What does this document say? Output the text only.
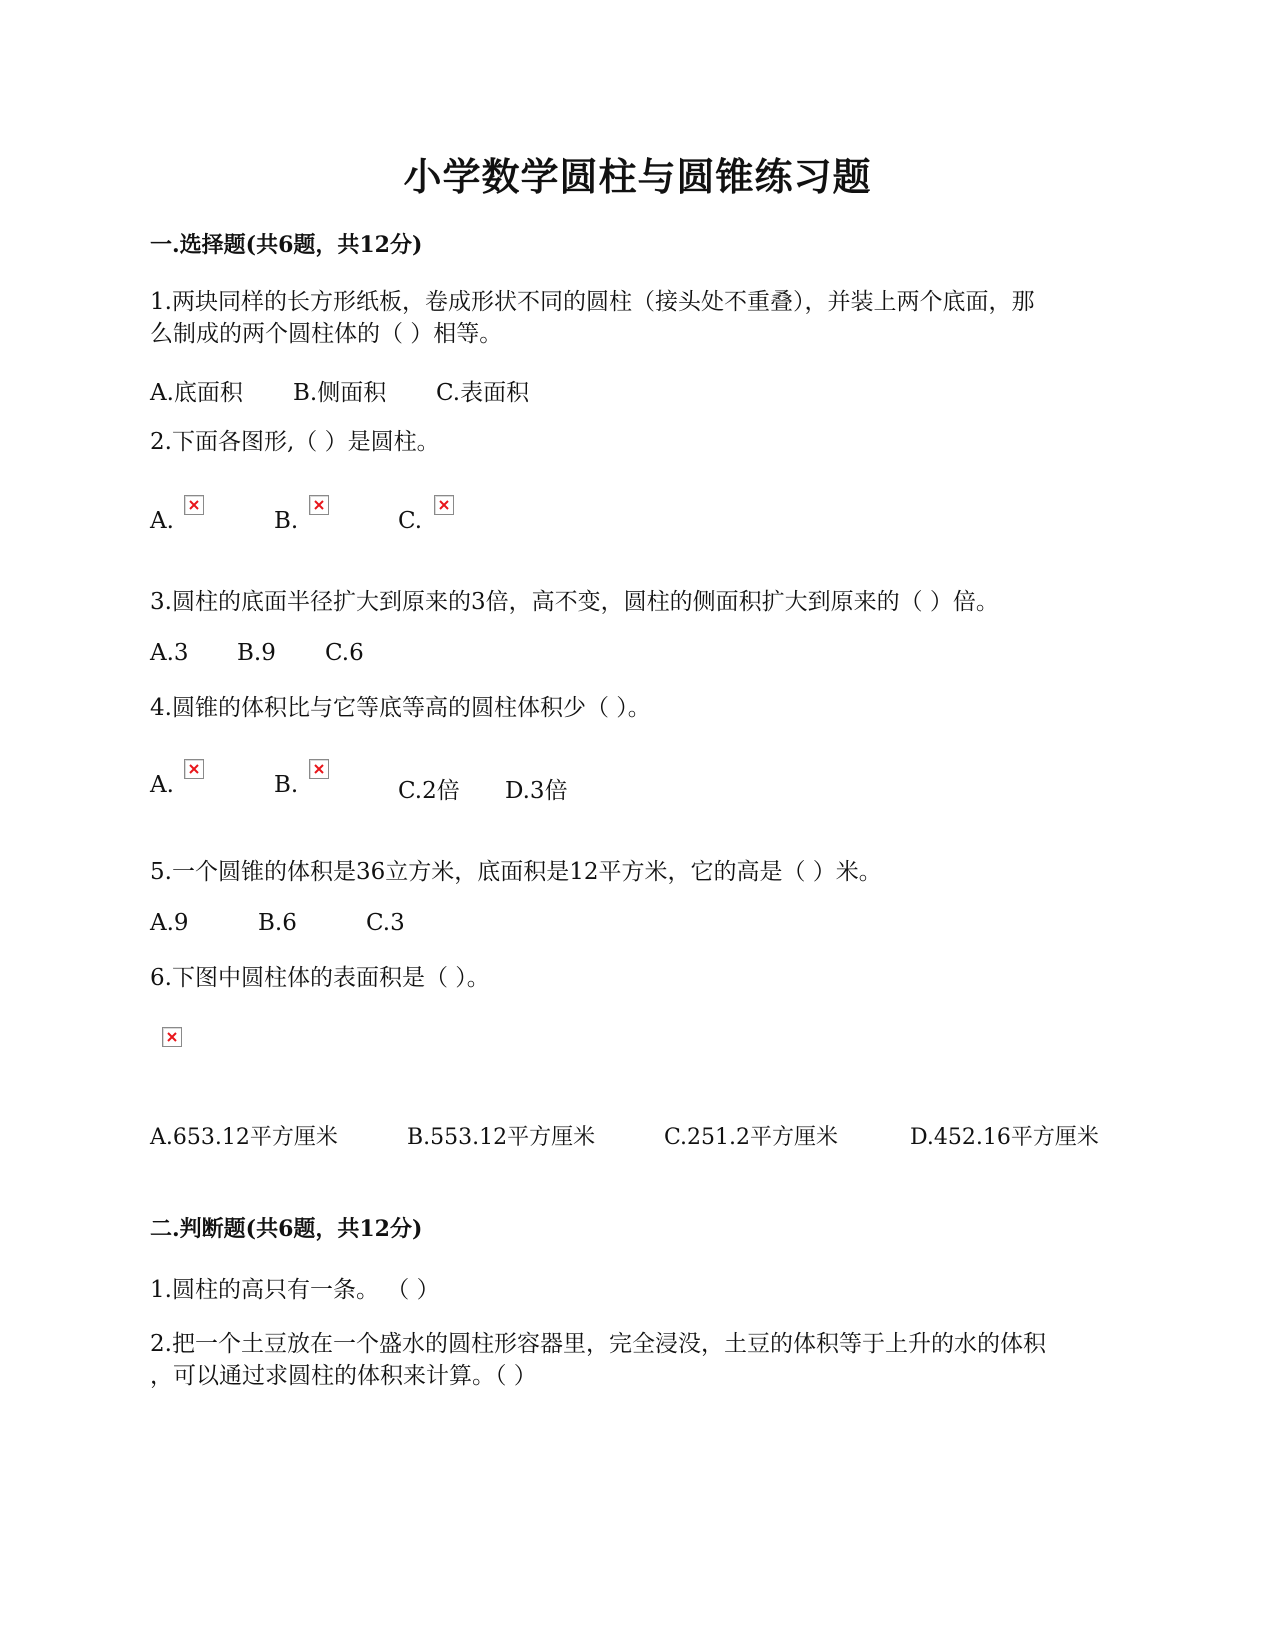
小学数学圆柱与圆锥练习题
一.选择题(共6题，共12分)
1.两块同样的长方形纸板，卷成形状不同的圆柱（接头处不重叠），并装上两个底面，那
么制成的两个圆柱体的（ ）相等。
A.底面积 B.侧面积 C.表面积
2.下面各图形,（ ）是圆柱。
A.	B.	C.
3.圆柱的底面半径扩大到原来的3倍，高不变，圆柱的侧面积扩大到原来的（ ）倍。
A.3 B.9 C.6
4.圆锥的体积比与它等底等高的圆柱体积少（ ）。
A.	B.	C.2倍 D.3倍
5.一个圆锥的体积是36立方米，底面积是12平方米，它的高是（ ）米。
A.9	B.6	C.3
6.下图中圆柱体的表面积是（ ）。
A.653.12平方厘米	B.553.12平方厘米	C.251.2平方厘米	D.452.16平方厘米
二.判断题(共6题，共12分)
1.圆柱的高只有一条。 （ ）
2.把一个土豆放在一个盛水的圆柱形容器里，完全浸没，土豆的体积等于上升的水的体积
，可以通过求圆柱的体积来计算。（ ）
